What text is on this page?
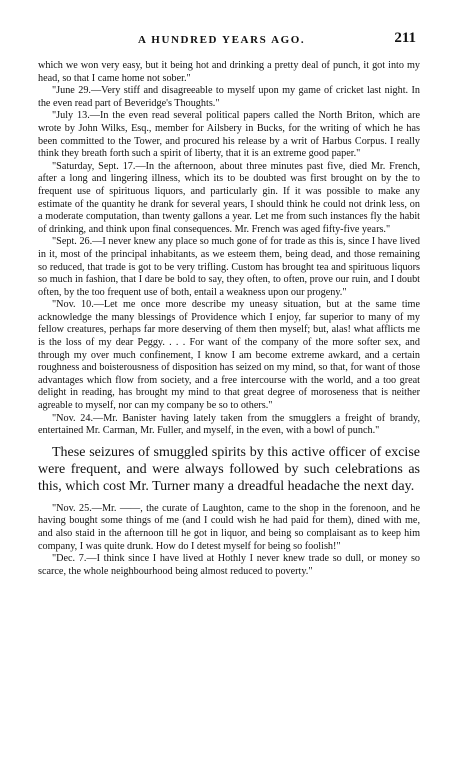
A HUNDRED YEARS AGO.	211

which we won very easy, but it being hot and drinking a pretty deal of punch, it got into my head, so that I came home not sober."

"June 29.—Very stiff and disagreeable to myself upon my game of cricket last night. In the even read part of Beveridge's Thoughts."

"July 13.—In the even read several political papers called the North Briton, which are wrote by John Wilks, Esq., member for Ailsbery in Bucks, for the writing of which he has been committed to the Tower, and procured his release by a writ of Harbus Corpus. I really think they breath forth such a spirit of liberty, that it is an extreme good paper."

"Saturday, Sept. 17.—In the afternoon, about three minutes past five, died Mr. French, after a long and lingering illness, which its to be doubted was first brought on by the to frequent use of spirituous liquors, and particularly gin. If it was possible to make any estimate of the quantity he drank for several years, I should think he could not drink less, on a moderate computation, than twenty gallons a year. Let me from such instances fly the habit of drinking, and think upon final consequences. Mr. French was aged fifty-five years."

"Sept. 26.—I never knew any place so much gone of for trade as this is, since I have lived in it, most of the principal inhabitants, as we esteem them, being dead, and those remaining so reduced, that trade is got to be very trifling. Custom has brought tea and spirituous liquors so much in fashion, that I dare be bold to say, they often, to often, prove our ruin, and I doubt often, by the too frequent use of both, entail a weakness upon our progeny."

"Nov. 10.—Let me once more describe my uneasy situation, but at the same time acknowledge the many blessings of Providence which I enjoy, far superior to many of my fellow creatures, perhaps far more deserving of them then myself; but, alas! what afflicts me is the loss of my dear Peggy. . . . For want of the company of the more softer sex, and through my over much confinement, I know I am become extreme awkard, and a certain roughness and boisterousness of disposition has seized on my mind, so that, for want of those advantages which flow from society, and a free intercourse with the world, and a too great delight in reading, has brought my mind to that great degree of moroseness that is neither agreable to myself, nor can my company be so to others."

"Nov. 24.—Mr. Banister having lately taken from the smugglers a freight of brandy, entertained Mr. Carman, Mr. Fuller, and myself, in the even, with a bowl of punch."

These seizures of smuggled spirits by this active officer of excise were frequent, and were always followed by such celebrations as this, which cost Mr. Turner many a dreadful headache the next day.

"Nov. 25.—Mr. ——, the curate of Laughton, came to the shop in the forenoon, and he having bought some things of me (and I could wish he had paid for them), dined with me, and also staid in the afternoon till he got in liquor, and being so complaisant as to keep him company, I was quite drunk. How do I detest myself for being so foolish!"

"Dec. 7.—I think since I have lived at Hothly I never knew trade so dull, or money so scarce, the whole neighbourhood being almost reduced to poverty."
